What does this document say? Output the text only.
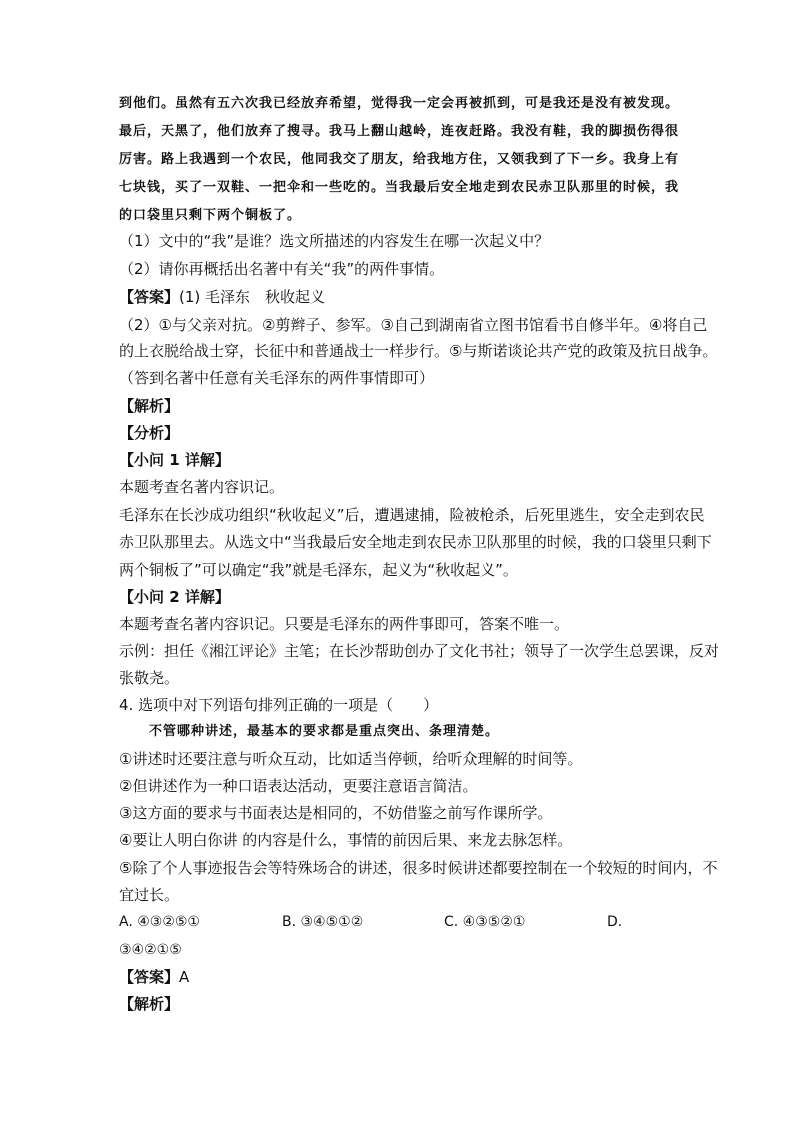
到他们。虽然有五六次我已经放弃希望，觉得我一定会再被抓到，可是我还是没有被发现。
最后，天黑了，他们放弃了搜寻。我马上翻山越岭，连夜赶路。我没有鞋，我的脚损伤得很
厉害。路上我遇到一个农民，他同我交了朋友，给我地方住，又领我到了下一乡。我身上有
七块钱，买了一双鞋、一把伞和一些吃的。当我最后安全地走到农民赤卫队那里的时候，我
的口袋里只剩下两个铜板了。
（1）文中的“我”是谁？选文所描述的内容发生在哪一次起义中？
（2）请你再概括出名著中有关“我”的两件事情。
【答案】(1) 毛泽东　秋收起义
（2）①与父亲对抗。②剪辫子、参军。③自己到湖南省立图书馆看书自修半年。④将自己
的上衣脱给战士穿，长征中和普通战士一样步行。⑤与斯诺谈论共产党的政策及抗日战争。
（答到名著中任意有关毛泽东的两件事情即可）
【解析】
【分析】
【小问 1 详解】
本题考查名著内容识记。
毛泽东在长沙成功组织“秋收起义”后，遭遇逮捕，险被枪杀，后死里逃生，安全走到农民
赤卫队那里去。从选文中“当我最后安全地走到农民赤卫队那里的时候，我的口袋里只剩下
两个铜板了”可以确定“我”就是毛泽东，起义为“秋收起义”。
【小问 2 详解】
本题考查名著内容识记。只要是毛泽东的两件事即可，答案不唯一。
示例：担任《湘江评论》主笔；在长沙帮助创办了文化书社；领导了一次学生总罢课，反对
张敬尧。
4. 选项中对下列语句排列正确的一项是（　　）
不管哪种讲述，最基本的要求都是重点突出、条理清楚。
①讲述时还要注意与听众互动，比如适当停顿，给听众理解的时间等。
②但讲述作为一种口语表达活动，更要注意语言简洁。
③这方面的要求与书面表达是相同的，不妨借鉴之前写作课所学。
④要让人明白你讲 的内容是什么，事情的前因后果、来龙去脉怎样。
⑤除了个人事迹报告会等特殊场合的讲述，很多时候讲述都要控制在一个较短的时间内，不
宜过长。
A. ④③②⑤①	B. ③④⑤①②	C. ④③⑤②①	D.
③④②①⑤
【答案】A
【解析】
